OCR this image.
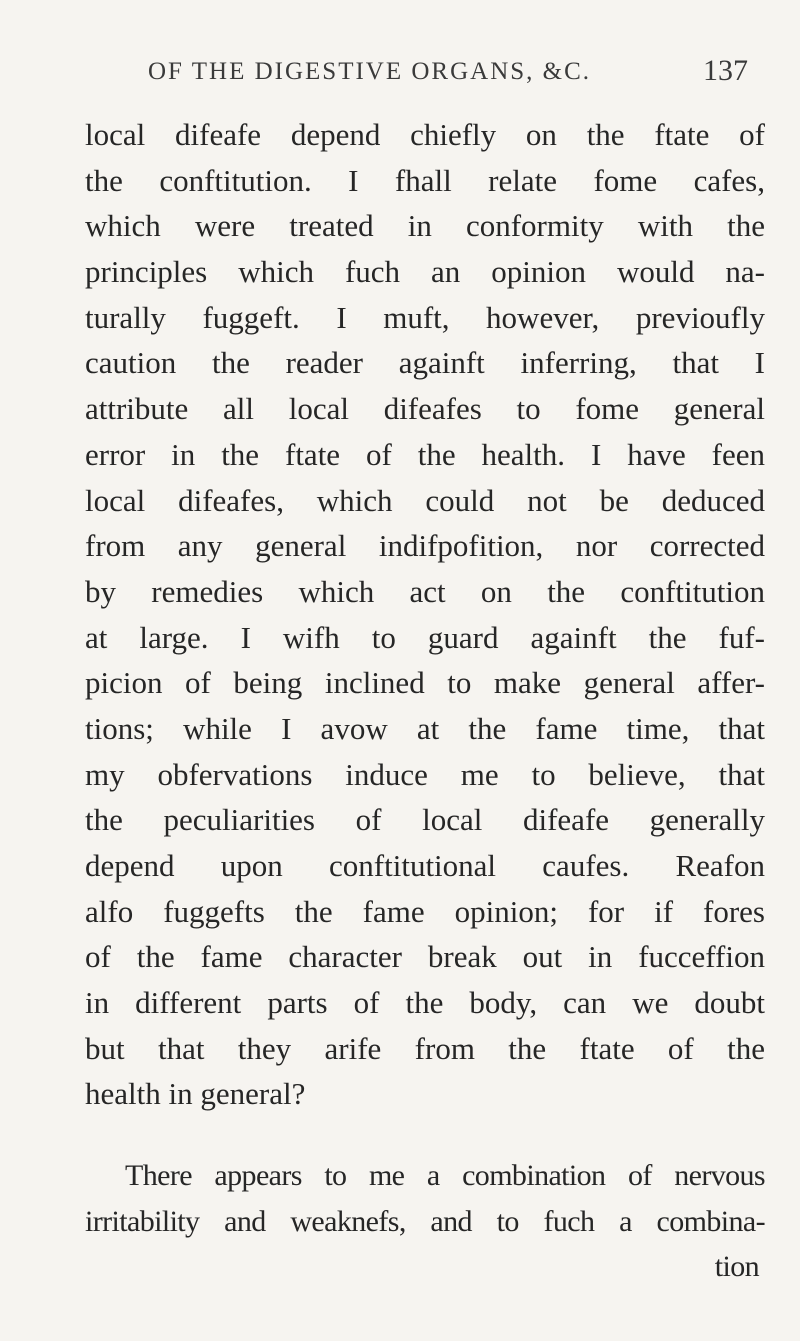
OF THE DIGESTIVE ORGANS, &C.	137
local difeafe depend chiefly on the ftate of
the conftitution. I fhall relate fome cafes,
which were treated in conformity with the
principles which fuch an opinion would na-
turally fuggeft. I muft, however, previoufly
caution the reader againft inferring, that I
attribute all local difeafes to fome general
error in the ftate of the health. I have feen
local difeafes, which could not be deduced
from any general indifpofition, nor corrected
by remedies which act on the conftitution
at large. I wifh to guard againft the fuf-
picion of being inclined to make general affer-
tions; while I avow at the fame time, that
my obfervations induce me to believe, that
the peculiarities of local difeafe generally
depend upon conftitutional caufes. Reafon
alfo fuggefts the fame opinion; for if fores
of the fame character break out in fucceffion
in different parts of the body, can we doubt
but that they arife from the ftate of the
health in general?
There appears to me a combination of nervous
irritability and weaknefs, and to fuch a combina-
tion
